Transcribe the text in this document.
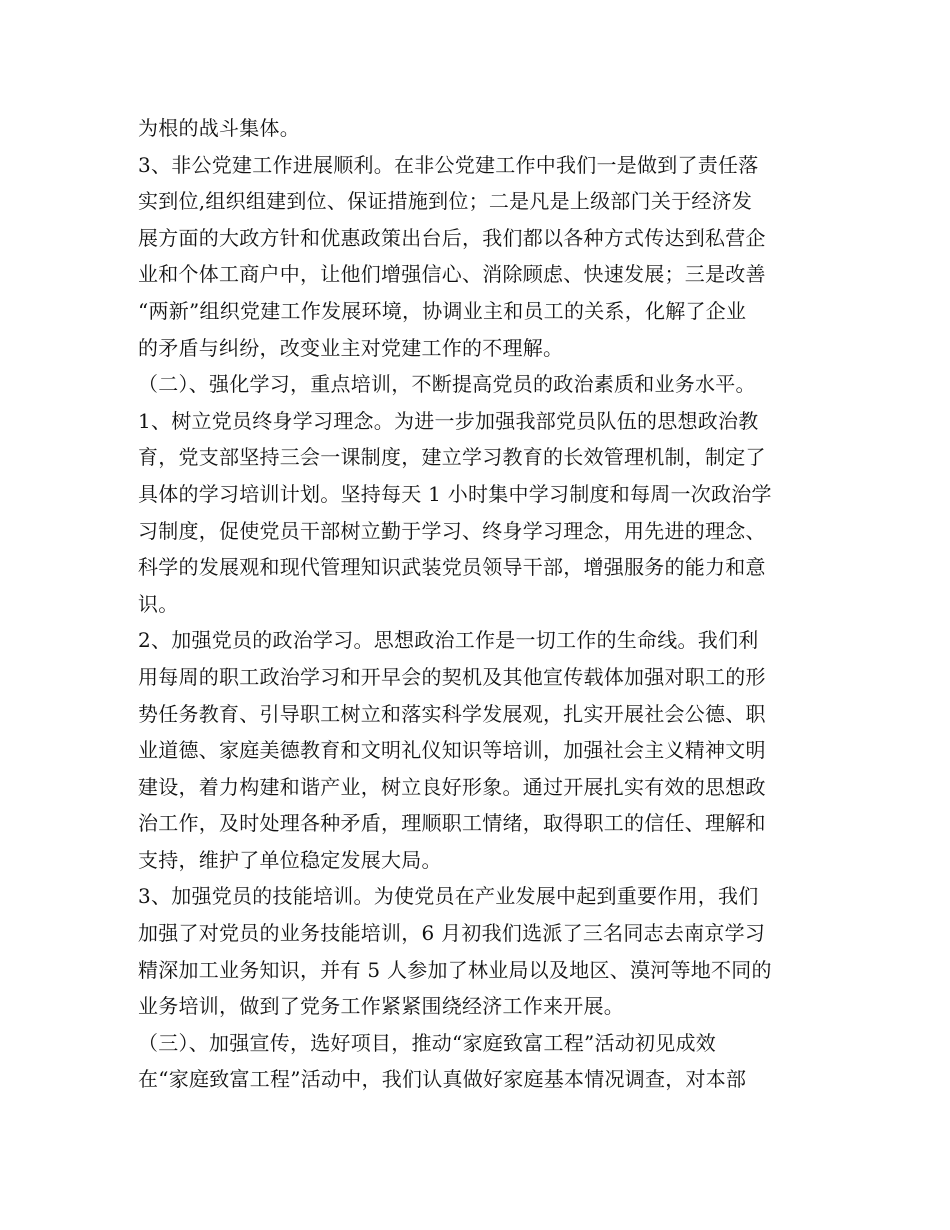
为根的战斗集体。
3、非公党建工作进展顺利。在非公党建工作中我们一是做到了责任落
实到位,组织组建到位、保证措施到位；二是凡是上级部门关于经济发
展方面的大政方针和优惠政策出台后，我们都以各种方式传达到私营企
业和个体工商户中，让他们增强信心、消除顾虑、快速发展；三是改善
“两新”组织党建工作发展环境，协调业主和员工的关系，化解了企业
的矛盾与纠纷，改变业主对党建工作的不理解。
（二）、强化学习，重点培训，不断提高党员的政治素质和业务水平。
1、树立党员终身学习理念。为进一步加强我部党员队伍的思想政治教
育，党支部坚持三会一课制度，建立学习教育的长效管理机制，制定了
具体的学习培训计划。坚持每天 1 小时集中学习制度和每周一次政治学
习制度，促使党员干部树立勤于学习、终身学习理念，用先进的理念、
科学的发展观和现代管理知识武装党员领导干部，增强服务的能力和意
识。
2、加强党员的政治学习。思想政治工作是一切工作的生命线。我们利
用每周的职工政治学习和开早会的契机及其他宣传载体加强对职工的形
势任务教育、引导职工树立和落实科学发展观，扎实开展社会公德、职
业道德、家庭美德教育和文明礼仪知识等培训，加强社会主义精神文明
建设，着力构建和谐产业，树立良好形象。通过开展扎实有效的思想政
治工作，及时处理各种矛盾，理顺职工情绪，取得职工的信任、理解和
支持，维护了单位稳定发展大局。
3、加强党员的技能培训。为使党员在产业发展中起到重要作用，我们
加强了对党员的业务技能培训，6 月初我们选派了三名同志去南京学习
精深加工业务知识，并有 5 人参加了林业局以及地区、漠河等地不同的
业务培训，做到了党务工作紧紧围绕经济工作来开展。
（三）、加强宣传，选好项目，推动“家庭致富工程”活动初见成效
在“家庭致富工程”活动中，我们认真做好家庭基本情况调查，对本部
